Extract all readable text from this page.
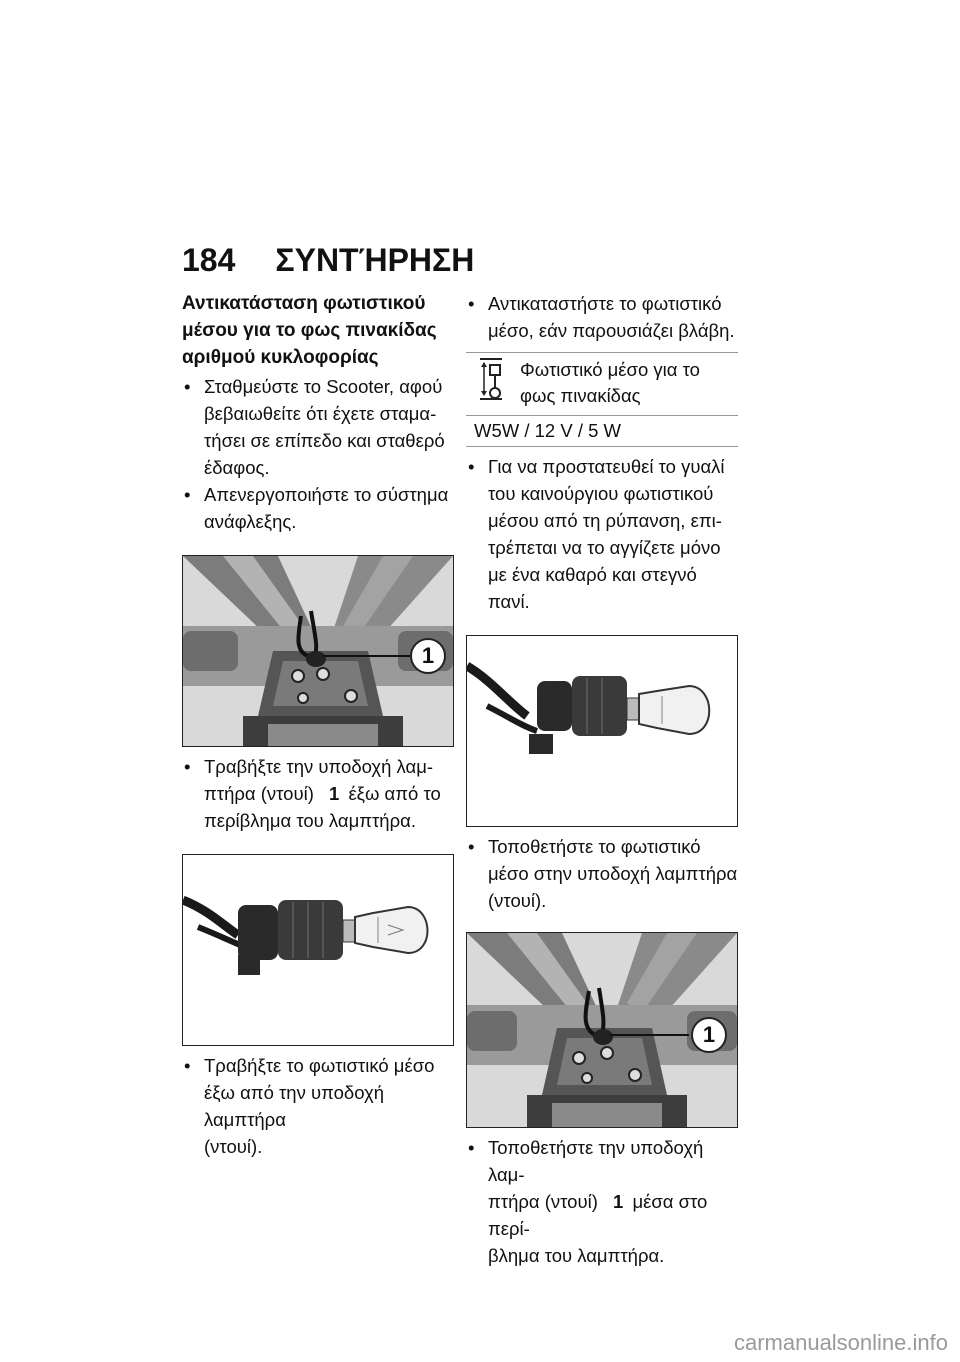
184 ΣΥΝΤΉΡΗΣΗ
Αντικατάσταση φωτιστικού
μέσου για το φως πινακίδας
αριθμού κυκλοφορίας
• Σταθμεύστε το Scooter, αφού
βεβαιωθείτε ότι έχετε σταμα-
τήσει σε επίπεδο και σταθερό
έδαφος.
• Απενεργοποιήστε το σύστημα
ανάφλεξης.
1
• Τραβήξτε την υποδοχή λαμ-
πτήρα (ντουί) 1 έξω από το
περίβλημα του λαμπτήρα.
• Τραβήξτε το φωτιστικό μέσο
έξω από την υποδοχή λαμπτήρα
(ντουί).
• Αντικαταστήστε το φωτιστικό
μέσο, εάν παρουσιάζει βλάβη.
Φωτιστικό μέσο για το
φως πινακίδας
W5W / 12 V / 5 W
• Για να προστατευθεί το γυαλί
του καινούργιου φωτιστικού
μέσου από τη ρύπανση, επι-
τρέπεται να το αγγίζετε μόνο
με ένα καθαρό και στεγνό πανί.
• Τοποθετήστε το φωτιστικό
μέσο στην υποδοχή λαμπτήρα
(ντουί).
1
• Τοποθετήστε την υποδοχή λαμ-
πτήρα (ντουί) 1 μέσα στο περί-
βλημα του λαμπτήρα.
carmanualsonline.info
